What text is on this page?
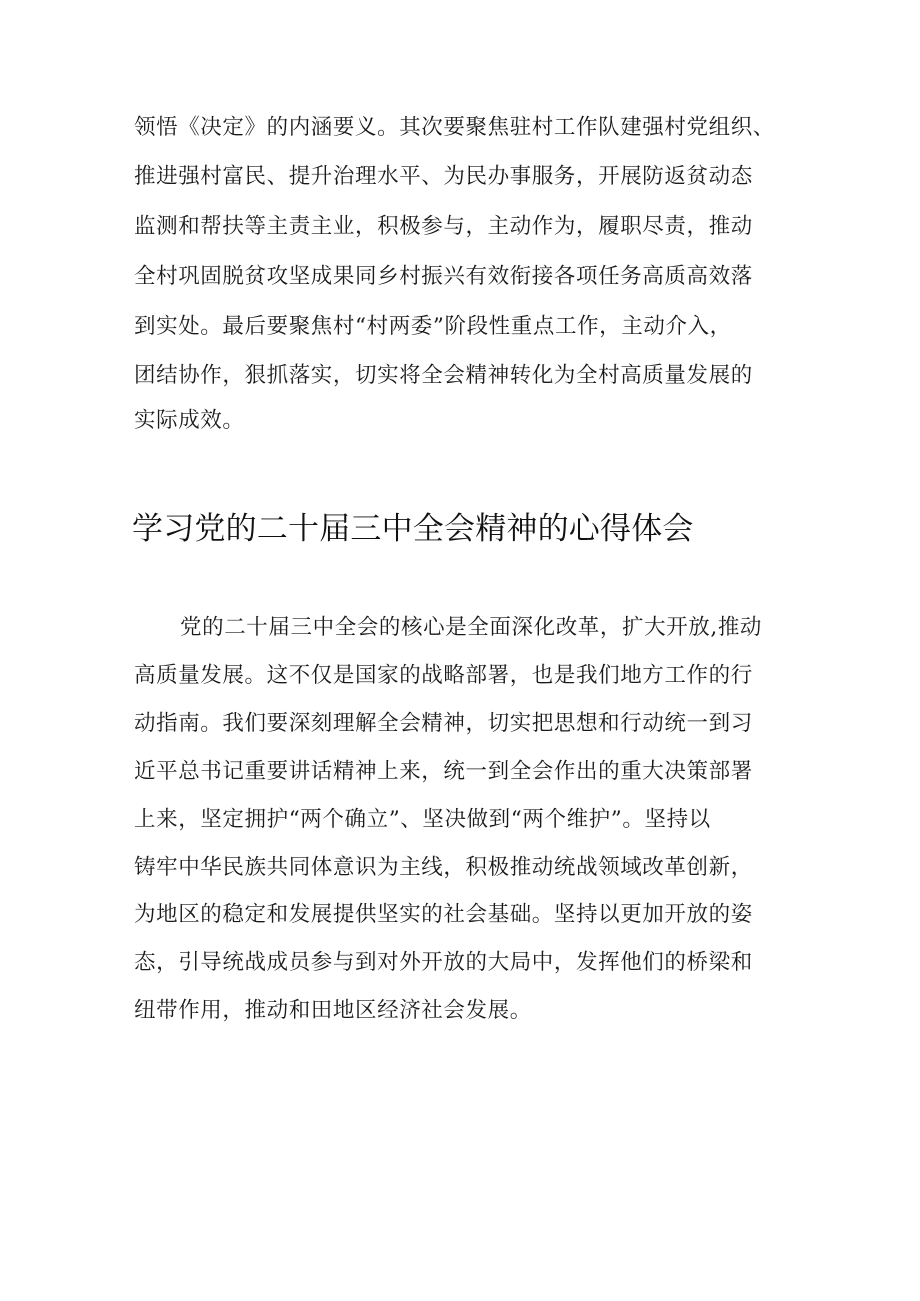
领悟《决定》的内涵要义。其次要聚焦驻村工作队建强村党组织、

推进强村富民、提升治理水平、为民办事服务，开展防返贫动态

监测和帮扶等主责主业，积极参与，主动作为，履职尽责，推动

全村巩固脱贫攻坚成果同乡村振兴有效衔接各项任务高质高效落

到实处。最后要聚焦村“村两委”阶段性重点工作，主动介入，

团结协作，狠抓落实，切实将全会精神转化为全村高质量发展的

实际成效。

学习党的二十届三中全会精神的心得体会

党的二十届三中全会的核心是全面深化改革，扩大开放,推动

高质量发展。这不仅是国家的战略部署，也是我们地方工作的行

动指南。我们要深刻理解全会精神，切实把思想和行动统一到习

近平总书记重要讲话精神上来，统一到全会作出的重大决策部署

上来，坚定拥护“两个确立”、坚决做到“两个维护”。坚持以

铸牢中华民族共同体意识为主线，积极推动统战领域改革创新，

为地区的稳定和发展提供坚实的社会基础。坚持以更加开放的姿

态，引导统战成员参与到对外开放的大局中，发挥他们的桥梁和

纽带作用，推动和田地区经济社会发展。
